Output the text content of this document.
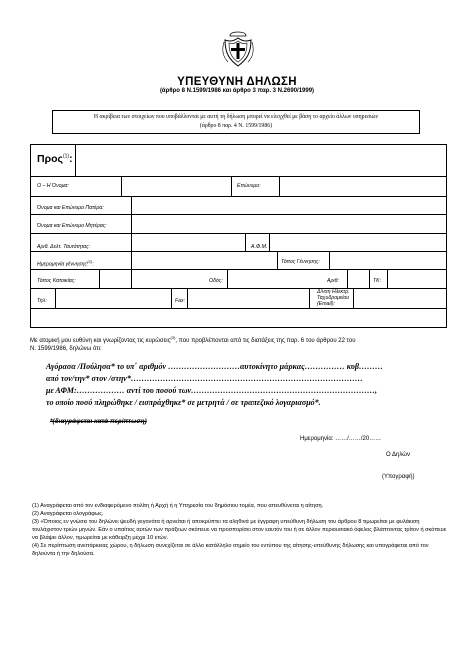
ΥΠΕΥΘΥΝΗ ΔΗΛΩΣΗ
(άρθρο 8 Ν.1599/1986 και άρθρο 3 παρ. 3 Ν.2690/1999)
Η ακρίβεια των στοιχείων που υποβάλλονται με αυτή τη δήλωση μπορεί να ελεγχθεί με βάση το αρχείο άλλων υπηρεσιών
(άρθρο 8 παρ. 4 Ν. 1599/1986)
Προς$^{(1)}$:
Ο – Η Όνομα:	Επώνυμο:
Όνομα και Επώνυμο Πατέρα:
Όνομα και Επώνυμο Μητέρας:
Αριθ. Δελτ. Ταυτότητας:	Α.Φ.Μ.
Ημερομηνία γέννησης$^{(2)}$:	Τόπος Γέννησης:
Τόπος Κατοικίας:	Οδός:	Αριθ:	ΤΚ:
Τηλ:	Fax:
Δ/νση Ηλεκτρ.
Ταχυδρομείου
(Email):
Με ατομική μου ευθύνη και γνωρίζοντας τις κυρώσεις$^{(3)}$, που προβλέπονται από τις διατάξεις της παρ. 6 του άρθρου 22 του
Ν. 1599/1986, δηλώνω ότι:
Αγόρασα /Πούλησα* το υπ΄ αριθμόν ………………………αυτοκίνητο μάρκας…………… κυβ………
από τον/την* στον /στην*……………………………………………………………………………
με ΑΦΜ:……………… αντί του ποσού των……………………………………………………………,
το οποίο ποσό πληρώθηκε / εισπράχθηκε* σε μετρητά / σε τραπεζικό λογαριασμό*.
*(διαγράφεται κατά περίπτωση)
Ημερομηνία: ……/……/20……
Ο Δηλών
(Υπογραφή)
(1) Αναγράφεται από τον ενδιαφερόμενο πολίτη ή Αρχή ή η Υπηρεσία του δημόσιου τομέα, που απευθύνεται η αίτηση.
(2) Αναγράφεται ολογράφως.
(3) «Όποιος εν γνώσει του δηλώνει ψευδή γεγονότα ή αρνείται ή αποκρύπτει τα αληθινά με έγγραφη υπεύθυνη δήλωση του άρθρου 8 τιμωρείται με φυλάκιση τουλάχιστον τριών μηνών. Εάν ο υπαίτιος αυτών των πράξεων σκόπευε να προσπορίσει στον εαυτόν του ή σε άλλον περιουσιακό όφελος βλάπτοντας τρίτον ή σκόπευε να βλάψει άλλον, τιμωρείται με κάθειρξη μέχρι 10 ετών.
(4) Σε περίπτωση ανεπάρκειας χώρου, η δήλωση συνεχίζεται σε άλλο κατάλληλο σημείο του εντύπου της αίτησης-υπεύθυνης δήλωσης και υπογράφεται από τον δηλούντα ή την δηλούσα.
